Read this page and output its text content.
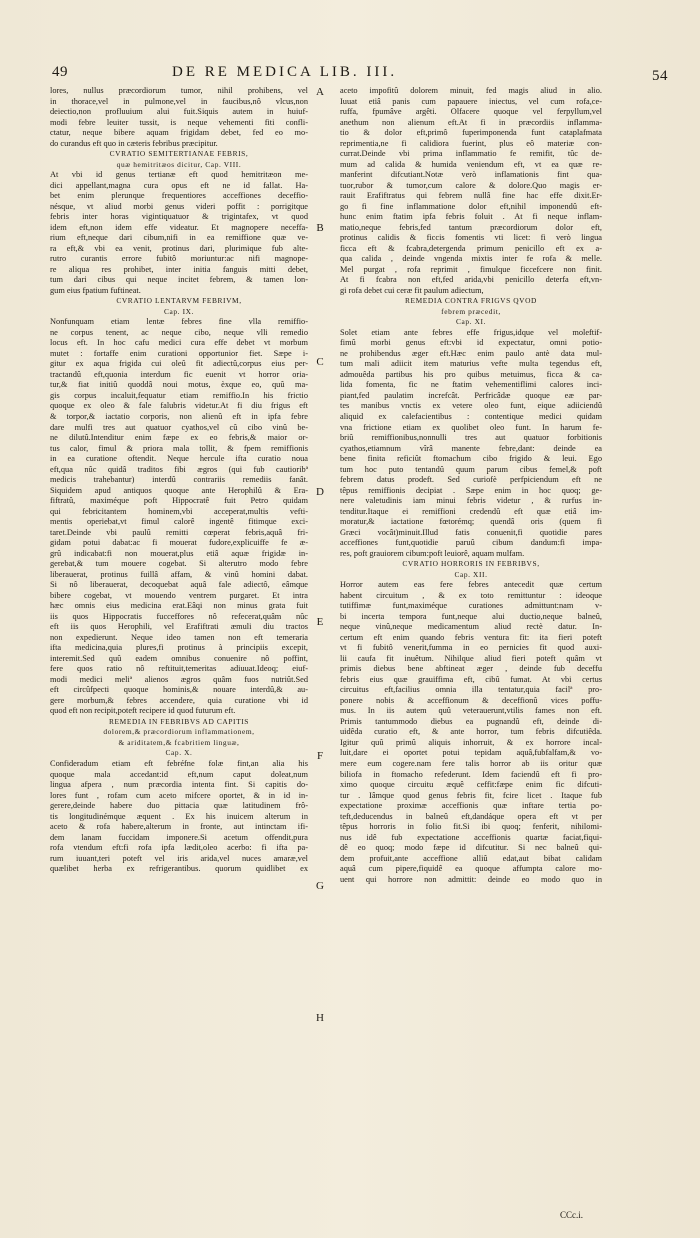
49	DE RE MEDICA LIB. III.	54
lores, nullus præcordiorum tumor, nihil prohibens, vel
in thorace,vel in pulmone,vel in faucibus,nô vlcus,non
deiectio,non profluuium alui fuit.Siquis autem in huiuf-
modi febre leuiter tussit, is neque vehementi fiti confli-
ctatur, neque bibere aquam frigidam debet, fed eo mo-
do curandus eft quo in cæteris febribus præcipitur.
CVRATIO SEMITERTIANAE FEBRIS,
quæ hemitritæos dicitur, Cap. VIII.
At vbi id genus tertianæ eft quod hemitritæon me-
dici appellant,magna cura opus eft ne id fallat. Ha-
bet enim plerunque frequentiores acceffiones deceffio-
nésque, vt aliud morbi genus videri poffit : porrigitque
febris inter horas vigintiquatuor & trigintafex, vt quod
idem eft,non idem effe videatur. Et magnopere neceffa-
rium eft,neque dari cibum,nifi in ea remiffione quæ ve-
ra eft,& vbi ea venit, protinus dari, plurimique fub alte-
rutro curantis errore fubitô moriuntur:ac nifi magnope-
re aliqua res prohibet, inter initia fanguis mitti debet,
tum dari cibus qui neque incitet febrem, & tamen lon-
gum eius fpatium fuftineat.
CVRATIO LENTARVM FEBRIVM,
Cap. IX.
Nonfunquam etiam lentæ febres fine vlla remiffio-
ne corpus tenent, ac neque cibo, neque vlli remedio
locus eft. In hoc cafu medici cura effe debet vt morbum
mutet : fortaffe enim curationi opportunior fiet. Sæpe i-
gitur ex aqua frigida cui oleû fit adiectû,corpus eius per-
tractandû eft,quonia interdum fic euenit vt horror oria-
tur,& fiat initiû quoddâ noui motus, èxque eo, quû ma-
gis corpus incaluit,fequatur etiam remiffio.In his frictio
quoque ex oleo & fale falubris videtur.At fi diu frigus eft
& torpor,& iactatio corporis, non alienû eft in ipfa febre
dare mulfi tres aut quatuor cyathos,vel cû cibo vinû be-
ne dilutû.Intenditur enim fæpe ex eo febris,& maior or-
tus calor, fimul & priora mala tollit, & fpem remiffionis
in ea curatione oftendit. Neque hercule ifta curatio noua
eft,qua nûc quidâ traditos fibi ægros (qui fub cautioribª
medicis trahebantur) interdû contrariis remediis fanât.
Siquidem apud antiquos quoque ante Herophilû & Era-
fiftratû, maximéque poft Hippocratê fuit Petro quidam
qui febricitantem hominem,vbi acceperat,multis vefti-
mentis operiebat,vt fimul calorê ingentê fitimque exci-
taret.Deinde vbi paulû remitti cœperat febris,aquâ fri-
gidam potui dabat:ac fi mouerat fudore,explicuiffe fe æ-
grû indicabat:fi non mouerat,plus etiâ aquæ frigidæ in-
gerebat,& tum mouere cogebat. Si alterutro modo febre
liberauerat, protinus fuillâ affam, & vinû homini dabat.
Si nô liberauerat, decoquebat aquâ fale adiectô, eâmque
bibere cogebat, vt mouendo ventrem purgaret. Et intra
hæc omnis eius medicina erat.Eâqi non minus grata fuit
iis quos Hippocratis fucceffores nô refecerat,quâm nûc
eft iis quos Herophili, vel Erafiftrati æmuli diu tractos
non expedierunt. Neque ideo tamen non eft temeraria
ifta medicina,quia plures,fi protinus à principiis excepit,
interemit.Sed quû eadem omnibus conuenire nô poffint,
fere quos ratio nô reftituit,temeritas adiuuat.Ideoq; eiuf-
modi medici meliª alienos ægros quâm fuos nutriût.Sed
eft circûfpecti quoque hominis,& nouare interdû,& au-
gere morbum,& febres accendere, quia curatione vbi id
quod eft non recipit,poteft recipere id quod futurum eft.
REMEDIA IN FEBRIBVS AD CAPITIS
dolorem,& præcordiorum inflammationem,
& ariditatem,& fcabritiem linguæ,
Cap. X.
Confideradum etiam eft febréfne folæ fint,an alia his
quoque mala accedant:id eft,num caput doleat,num
lingua afpera , num præcordia intenta fint. Si capitis do-
lores funt , rofam cum aceto mifcere oportet, & in id in-
gerere,deinde habere duo pittacia quæ latitudinem frô-
tis longitudinémque æquent . Ex his inuicem alterum in
aceto & rofa habere,alterum in fronte, aut intinctam ifi-
dem lanam fuccidam imponere.Si acetum offendit,pura
rofa vtendum eft:fi rofa ipfa lædit,oleo acerbo: fi ifta pa-
rum iuuant,teri poteft vel iris arida,vel nuces amaræ,vel
quælibet herba ex refrigerantibus. quorum quidlibet ex
aceto impofitû dolorem minuit, fed magis aliud in alio.
Iuuat etiâ panis cum papauere iniectus, vel cum rofa,ce-
ruffa, fpumâve argêti. Olfacere quoque vel ferpyllum,vel
anethum non alienum eft.At fi in præcordiis inflamma-
tio & dolor eft,primô fuperimponenda funt cataplafmata
reprimentia,ne fi calidiora fuerint, plus eô materiæ con-
currat.Deinde vbi prima inflammatio fe remifit, tûc de-
mum ad calida & humida veniendum eft, vt ea quæ re-
manferint difcutiant.Notæ verò inflamationis fint qua-
tuor,rubor & tumor,cum calore & dolore.Quo magis er-
rauit Erafiftratus qui febrem nullâ fine hac effe dixit.Er-
go fi fine inflammatione dolor eft,nihil imponendû eft-
hunc enim ftatim ipfa febris foluit . At fi neque inflam-
matio,neque febris,fed tantum præcordiorum dolor eft,
protinus calidis & ficcis fomentis vti licet: fi verò lingua
ficca eft & fcabra,detergenda primum penicillo eft ex a-
qua calida , deinde vngenda mixtis inter fe rofa & melle.
Mel purgat , rofa reprimit , fimulque ficcefcere non finit.
At fi fcabra non eft,fed arida,vbi penicillo deterfa eft,vn-
gi rofa debet cui ceræ fit paulum adiectum,
REMEDIA CONTRA FRIGVS QVOD
febrem præcedit,
Cap. XI.
Solet etiam ante febres effe frigus,idque vel moleftif-
fimû morbi genus eft:vbi id expectatur, omni potio-
ne prohibendus æger eft.Hæc enim paulo antè data mul-
tum mali adiicit item maturius vefte multa tegendus eft,
admouêda partibus his pro quibus metuimus, ficca & ca-
lida fomenta, fic ne ftatim vehementiflimi calores inci-
piant,fed paulatim increfcât. Perfricâdæ quoque eæ par-
tes manibus vnctis ex vetere oleo funt, eique adiiciendû
aliquid ex calefacientibus : contentique medici quidam
vna frictione etiam ex quolibet oleo funt. In harum fe-
briû remiffionibus,nonnulli tres aut quatuor forbitionis
cyathos,etiamnum vîrâ manente febre,dant: deinde ea
bene finita reficiût ftomachum cibo frigido & leui. Ego
tum hoc puto tentandû quum parum cibus femel,& poft
febrem datus prodeft. Sed curiofè perfpiciendum eft ne
têpus remiffionis decipiat . Sæpe enim in hoc quoq; ge-
nere valetudinis iam minui febris videtur , & rurfus in-
tenditur.Itaque ei remiffioni credendû eft quæ etiâ im-
moratur,& iactatione fœtorémq; quendâ oris (quem fi
Græci vocât)minuit.Illud fatis conuenit,fi quotidie pares
acceffiones funt,quotidie paruû cibum dandum:fi impa-
res, poft grauiorem cibum:poft leuiorê, aquam mulfam.
CVRATIO HORRORIS IN FEBRIBVS,
Cap. XII.
Horror autem eas fere febres antecedit quæ certum
habent circuitum , & ex toto remittuntur : ideoque
tutiffimæ funt,maximéque curationes admittunt:nam v-
bi incerta tempora funt,neque alui ductio,neque balneû,
neque vinû,neque medicamentum aliud rectè datur. In-
certum eft enim quando febris ventura fit: ita fieri poteft
vt fi fubitô venerit,fumma in eo pernicies fit quod auxi-
lii caufa fit inuêtum. Nihilque aliud fieri poteft quâm vt
primis diebus bene abftineat æger , deinde fub deceffu
febris eius quæ grauiffima eft, cibû fumat. At vbi certus
circuitus eft,facilius omnia illa tentatur,quia facilª pro-
ponere nobis & acceffionum & deceffionû vices poffu-
mus. In iis autem quû veterauerunt,vtilis fames non eft.
Primis tantummodo diebus ea pugnandû eft, deinde di-
uidêda curatio eft, & ante horror, tum febris difcutiêda.
Igitur quû primû aliquis inhorruit, & ex horrore incal-
luit,dare ei oportet potui tepidam aquâ,fubfalfam,& vo-
mere eum cogere.nam fere talis horror ab iis oritur quæ
biliofa in ftomacho refederunt. Idem faciendû eft fi pro-
ximo quoque circuitu æquê ceffit:fæpe enim fic difcuti-
tur . Iâmque quod genus febris fit, fcire licet . Itaque fub
expectatione proximæ acceffionis quæ inftare tertia po-
teft,deducendus in balneû eft,dandáque opera eft vt per
têpus horroris in folio fit.Si ibi quoq; fenferit, nihilomi-
nus idê fub expectatione acceffionis quartæ faciat,fiqui-
dê eo quoq; modo fæpe id difcutitur. Si nec balneû qui-
dem profuit,ante acceffione alliû edat,aut bibat calidam
aquâ cum pipere,fiquidê ea quoque affumpta calore mo-
uent qui horrore non admittit: deinde eo modo quo in
A
B
C
D
E
F
G
H
CCc.i.
